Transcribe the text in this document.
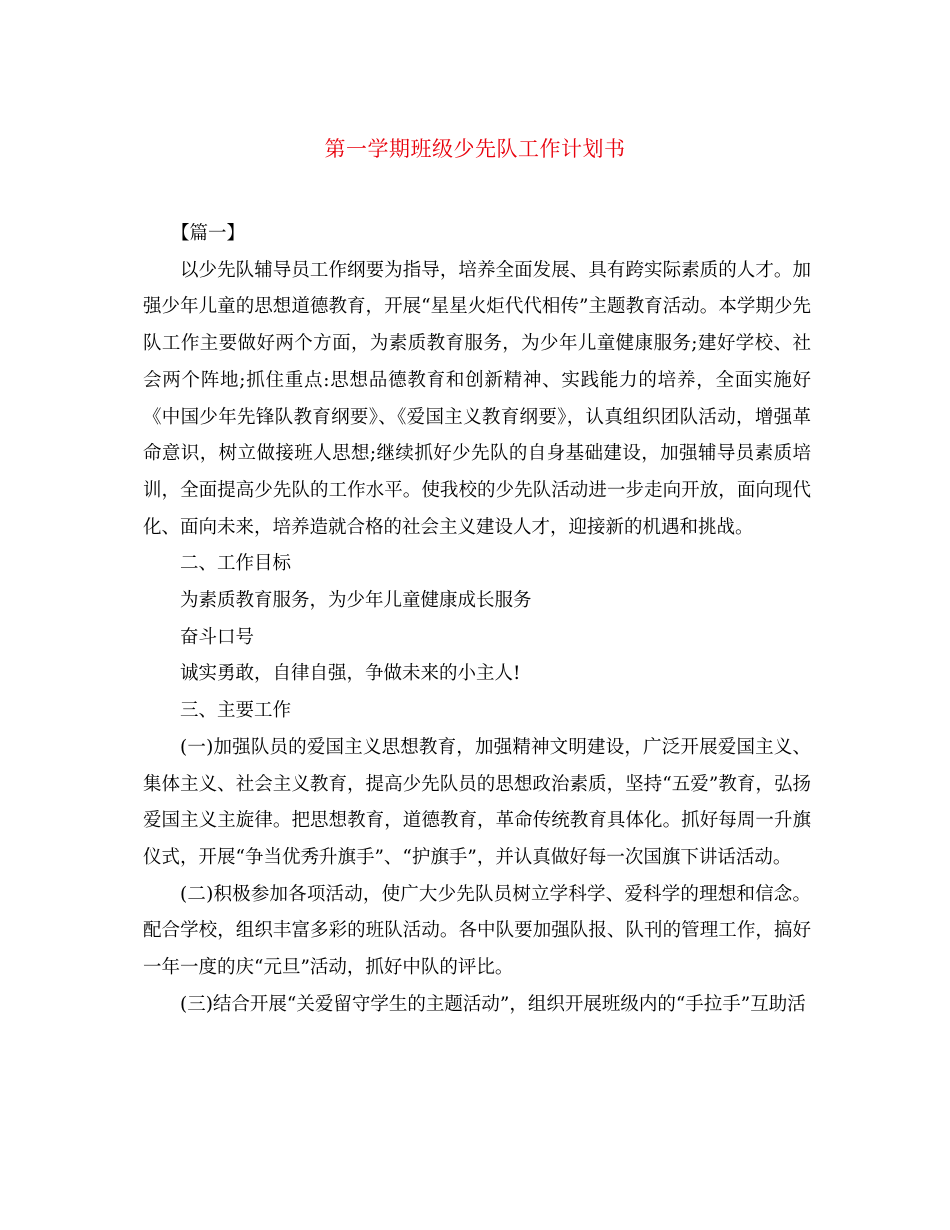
第一学期班级少先队工作计划书

【篇一】

以少先队辅导员工作纲要为指导，培养全面发展、具有跨实际素质的人才。加强少年儿童的思想道德教育，开展“星星火炬代代相传”主题教育活动。本学期少先队工作主要做好两个方面，为素质教育服务，为少年儿童健康服务;建好学校、社会两个阵地;抓住重点:思想品德教育和创新精神、实践能力的培养，全面实施好《中国少年先锋队教育纲要》、《爱国主义教育纲要》，认真组织团队活动，增强革命意识，树立做接班人思想;继续抓好少先队的自身基础建设，加强辅导员素质培训，全面提高少先队的工作水平。使我校的少先队活动进一步走向开放，面向现代化、面向未来，培养造就合格的社会主义建设人才，迎接新的机遇和挑战。

二、工作目标

为素质教育服务，为少年儿童健康成长服务

奋斗口号

诚实勇敢，自律自强，争做未来的小主人!

三、主要工作

(一)加强队员的爱国主义思想教育，加强精神文明建设，广泛开展爱国主义、集体主义、社会主义教育，提高少先队员的思想政治素质，坚持“五爱”教育，弘扬爱国主义主旋律。把思想教育，道德教育，革命传统教育具体化。抓好每周一升旗仪式，开展“争当优秀升旗手”、“护旗手”，并认真做好每一次国旗下讲话活动。

(二)积极参加各项活动，使广大少先队员树立学科学、爱科学的理想和信念。配合学校，组织丰富多彩的班队活动。各中队要加强队报、队刊的管理工作，搞好一年一度的庆“元旦”活动，抓好中队的评比。

(三)结合开展“关爱留守学生的主题活动”，组织开展班级内的“手拉手”互助活
